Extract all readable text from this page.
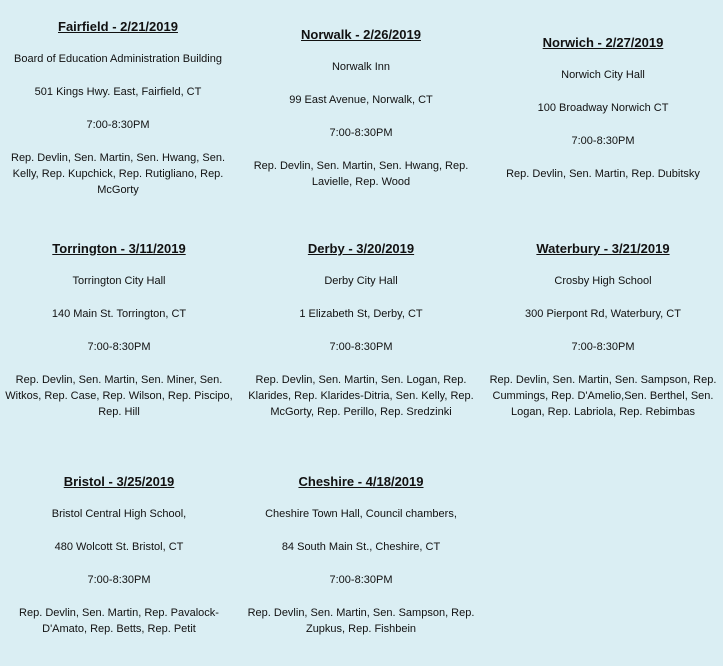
Fairfield - 2/21/2019
Board of Education Administration Building
501 Kings Hwy. East, Fairfield, CT
7:00-8:30PM
Rep. Devlin, Sen. Martin, Sen. Hwang, Sen. Kelly, Rep. Kupchick, Rep. Rutigliano, Rep. McGorty
Norwalk - 2/26/2019
Norwalk Inn
99 East Avenue, Norwalk, CT
7:00-8:30PM
Rep. Devlin, Sen. Martin, Sen. Hwang, Rep. Lavielle, Rep. Wood
Norwich - 2/27/2019
Norwich City Hall
100 Broadway Norwich CT
7:00-8:30PM
Rep. Devlin, Sen. Martin, Rep. Dubitsky
Torrington - 3/11/2019
Torrington City Hall
140 Main St. Torrington, CT
7:00-8:30PM
Rep. Devlin, Sen. Martin, Sen. Miner, Sen. Witkos, Rep. Case, Rep. Wilson, Rep. Piscipo, Rep. Hill
Derby - 3/20/2019
Derby City Hall
1 Elizabeth St, Derby, CT
7:00-8:30PM
Rep. Devlin, Sen. Martin, Sen. Logan, Rep. Klarides, Rep. Klarides-Ditria, Sen. Kelly, Rep. McGorty, Rep. Perillo, Rep. Sredzinki
Waterbury - 3/21/2019
Crosby High School
300 Pierpont Rd, Waterbury, CT
7:00-8:30PM
Rep. Devlin, Sen. Martin, Sen. Sampson, Rep. Cummings, Rep. D'Amelio,Sen. Berthel, Sen. Logan, Rep. Labriola, Rep. Rebimbas
Bristol - 3/25/2019
Bristol Central High School,
480 Wolcott St. Bristol, CT
7:00-8:30PM
Rep. Devlin, Sen. Martin, Rep. Pavalock-D'Amato, Rep. Betts, Rep. Petit
Cheshire - 4/18/2019
Cheshire Town Hall, Council chambers,
84 South Main St., Cheshire, CT
7:00-8:30PM
Rep. Devlin, Sen. Martin, Sen. Sampson, Rep. Zupkus, Rep. Fishbein
